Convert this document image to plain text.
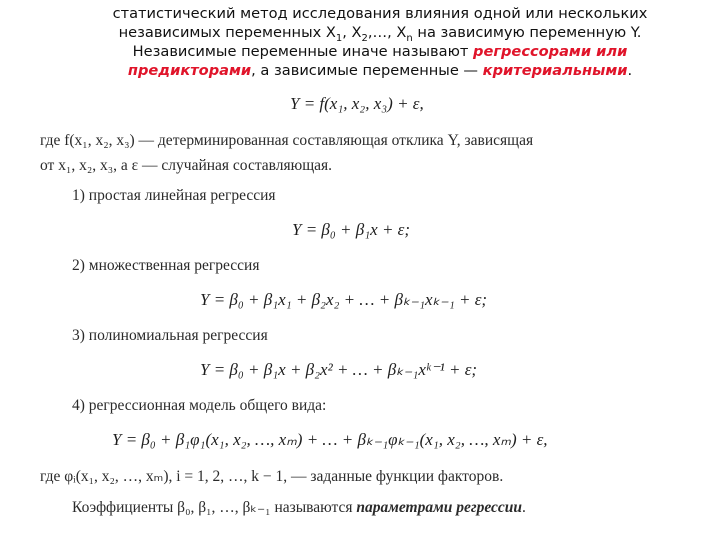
статистический метод исследования влияния одной или нескольких
независимых переменных $X_1$, $X_2,\dots$, $X_n$ на зависимую переменную Y.
Независимые переменные иначе называют регрессорами или
предикторами, а зависимые переменные — критериальными.
Y = f(x₁, x₂, x₃) + ε,
где f(x₁, x₂, x₃) — детерминированная составляющая отклика Y, зависящая
от x₁, x₂, x₃, а ε — случайная составляющая.
1) простая линейная регрессия
Y = β₀ + β₁x + ε;
2) множественная регрессия
Y = β₀ + β₁x₁ + β₂x₂ + … + βₖ₋₁xₖ₋₁ + ε;
3) полиномиальная регрессия
Y = β₀ + β₁x + β₂x² + … + βₖ₋₁xᵏ⁻¹ + ε;
4) регрессионная модель общего вида:
Y = β₀ + β₁φ₁(x₁, x₂, …, xₘ) + … + βₖ₋₁φₖ₋₁(x₁, x₂, …, xₘ) + ε,
где φᵢ(x₁, x₂, …, xₘ), i = 1, 2, …, k − 1, — заданные функции факторов.
Коэффициенты β₀, β₁, …, βₖ₋₁ называются параметрами регрессии.
